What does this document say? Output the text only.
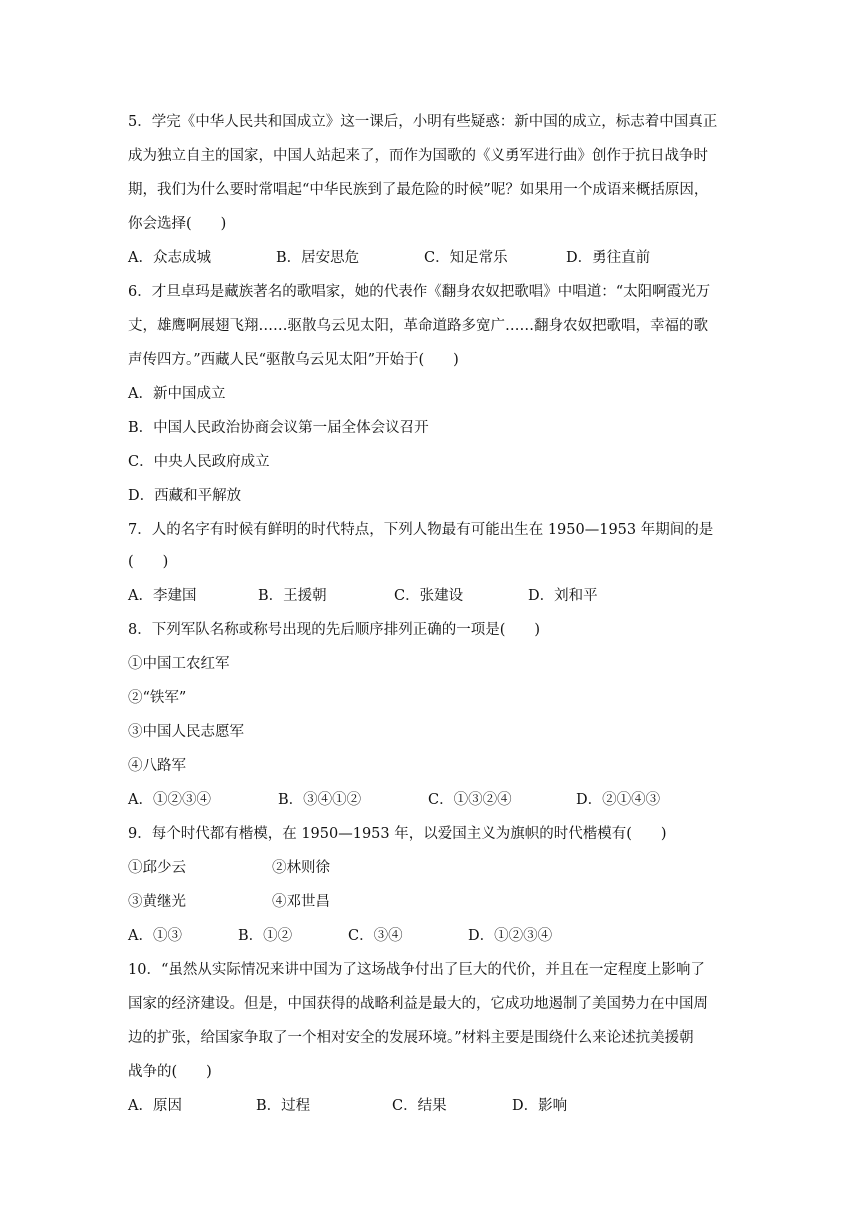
5．学完《中华人民共和国成立》这一课后，小明有些疑惑：新中国的成立，标志着中国真正
成为独立自主的国家，中国人站起来了，而作为国歌的《义勇军进行曲》创作于抗日战争时
期，我们为什么要时常唱起“中华民族到了最危险的时候”呢？如果用一个成语来概括原因，
你会选择(　　)
A．众志成城	B．居安思危	C．知足常乐	D．勇往直前
6．才旦卓玛是藏族著名的歌唱家，她的代表作《翻身农奴把歌唱》中唱道：“太阳啊霞光万
丈，雄鹰啊展翅飞翔……驱散乌云见太阳，革命道路多宽广……翻身农奴把歌唱，幸福的歌
声传四方。”西藏人民“驱散乌云见太阳”开始于(　　)
A．新中国成立
B．中国人民政治协商会议第一届全体会议召开
C．中央人民政府成立
D．西藏和平解放
7．人的名字有时候有鲜明的时代特点，下列人物最有可能出生在 1950—1953 年期间的是
(　　)
A．李建国	B．王援朝	C．张建设	D．刘和平
8．下列军队名称或称号出现的先后顺序排列正确的一项是(　　)
①中国工农红军
②“铁军”
③中国人民志愿军
④八路军
A．①②③④	B．③④①②	C．①③②④	D．②①④③
9．每个时代都有楷模，在 1950—1953 年，以爱国主义为旗帜的时代楷模有(　　)
①邱少云	②林则徐
③黄继光	④邓世昌
A．①③	B．①②	C．③④	D．①②③④
10．“虽然从实际情况来讲中国为了这场战争付出了巨大的代价，并且在一定程度上影响了
国家的经济建设。但是，中国获得的战略利益是最大的，它成功地遏制了美国势力在中国周
边的扩张，给国家争取了一个相对安全的发展环境。”材料主要是围绕什么来论述抗美援朝
战争的(　　)
A．原因	B．过程	C．结果	D．影响
